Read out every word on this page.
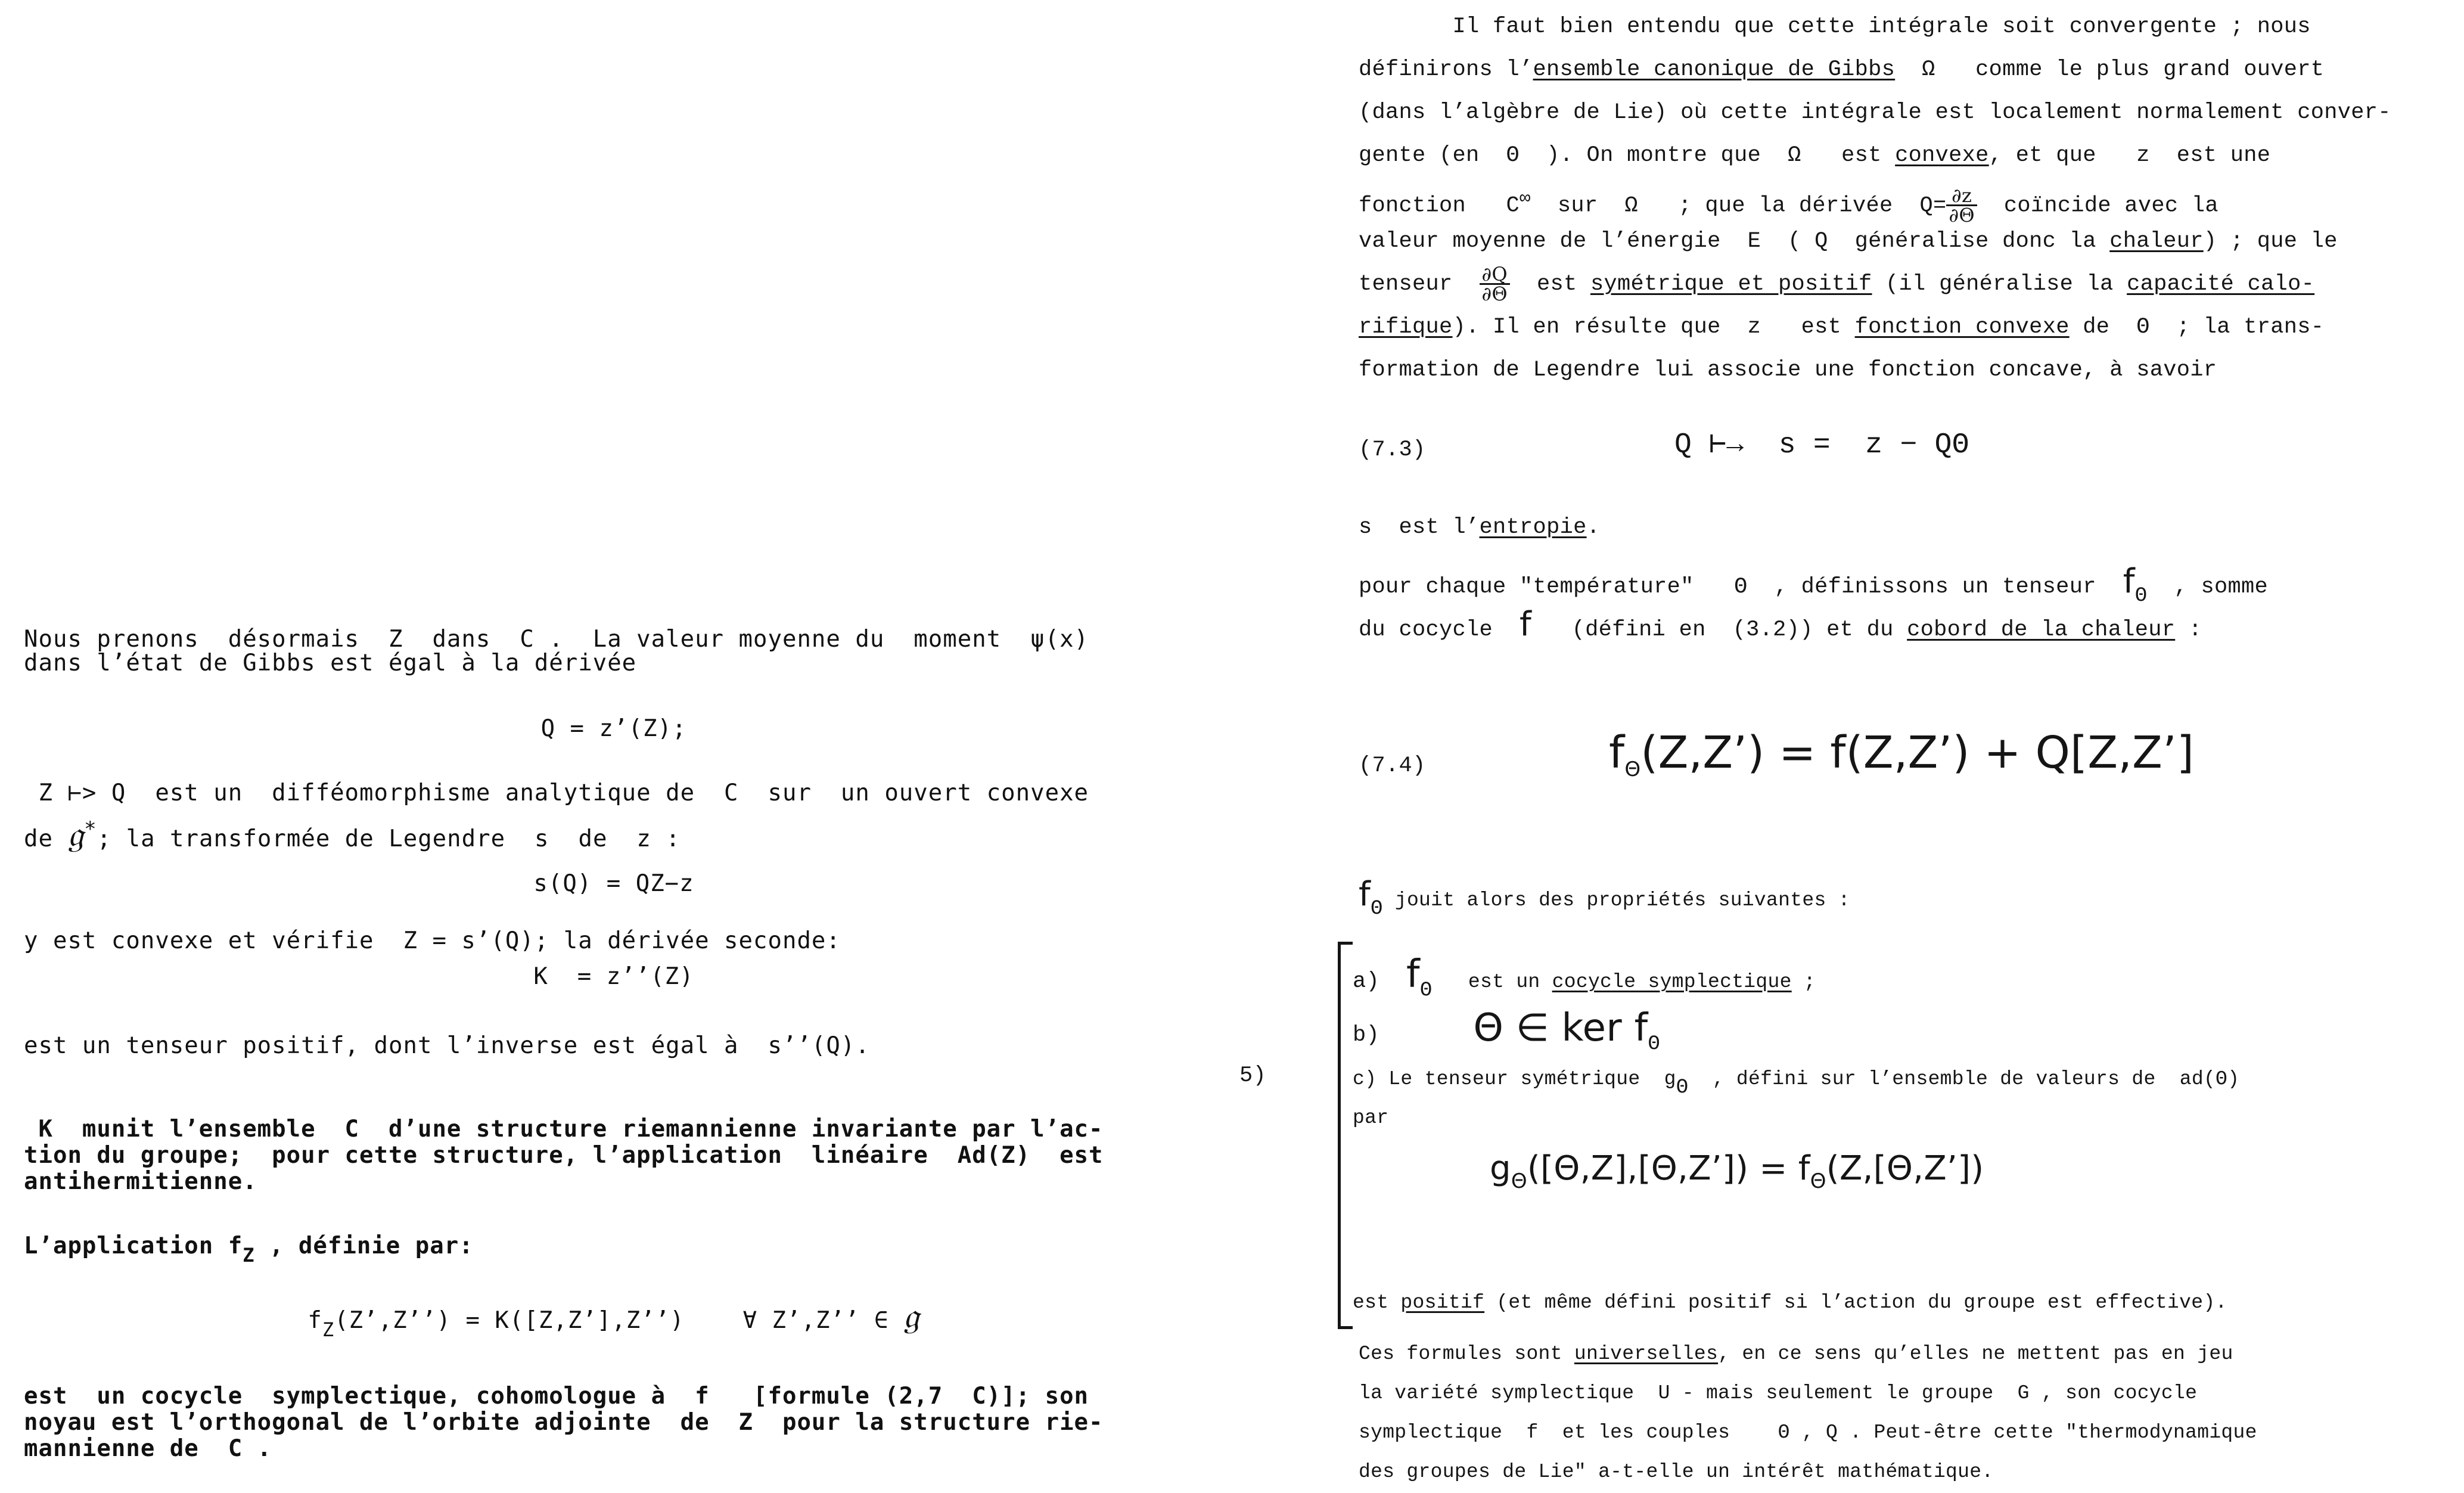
Nous prenons  désormais  Z  dans  C .  La valeur moyenne du  moment ψ(x)

dans l’état de Gibbs est égal à la dérivée

Q = z’(Z);

Z ⊢> Q  est un  difféomorphisme analytique de  C  sur  un ouvert convexe

de 𝔤*; la transformée de Legendre  s  de  z :

s(Q) = QZ−z

y est convexe et vérifie  Z = s’(Q); la dérivée seconde:

K  = z’’(Z)

est un tenseur positif, dont l’inverse est égal à  s’’(Q).

K  munit l’ensemble  C  d’une structure riemannienne invariante par l’ac-

tion du groupe;  pour cette structure, l’application  linéaire  Ad(Z)  est

antihermitienne.

L’application $f_Z$ , définie par:

$f_Z(Z’,Z’’)$ = K([Z,Z’],Z’’)    ∀ Z’,Z’’ ∈ 𝔤

est  un cocycle  symplectique, cohomologue à  f   [formule (2,7  C)]; son

noyau est l’orthogonal de l’orbite adjointe  de  Z  pour la structure rie-

mannienne de  C .

Il faut bien entendu que cette intégrale soit convergente ; nous
définirons l’ensemble canonique de Gibbs  Ω   comme le plus grand ouvert
(dans l’algèbre de Lie) où cette intégrale est localement normalement conver-
gente (en  Θ  ). On montre que  Ω   est convexe, et que   z  est une
fonction   C∞  sur  Ω   ; que la dérivée  $Q= \frac{\partial z}{\partial\Theta}$ coïncide avec la
valeur moyenne de l’énergie  E  ( Q  généralise donc la chaleur) ; que le
tenseur $\frac{\partial Q}{\partial\Theta}$ est symétrique et positif (il généralise la capacité calo-
rifique). Il en résulte que  z   est fonction convexe de  Θ  ; la trans-
formation de Legendre lui associe une fonction concave, à savoir
(7.3)	Q ⊢→  s =  z − QΘ
s  est l’entropie.
pour chaque "température"   Θ  , définissons un tenseur  $f_\Theta$  , somme
du cocycle  f   (défini en  (3.2)) et du cobord de la chaleur :
(7.4)	$f_\Theta(Z,Z’)$ = f(Z,Z’) + Q[Z,Z’]
$f_\Theta$ jouit alors des propriétés suivantes :
a) $f_\Theta$   est un cocycle symplectique ;
b) Θ ∈ ker $f_\Theta$
5)	c) Le tenseur symétrique  $g_\Theta$  , défini sur l’ensemble de valeurs de  ad(Θ)
par
$g_\Theta([\Theta,Z],[\Theta,Z’])$ = $f_\Theta(Z,[\Theta,Z’])$
est positif (et même défini positif si l’action du groupe est effective).
Ces formules sont universelles, en ce sens qu’elles ne mettent pas en jeu
la variété symplectique  U - mais seulement le groupe  G , son cocycle
symplectique  f  et les couples    Θ , Q . Peut-être cette "thermodynamique
des groupes de Lie" a-t-elle un intérêt mathématique.
